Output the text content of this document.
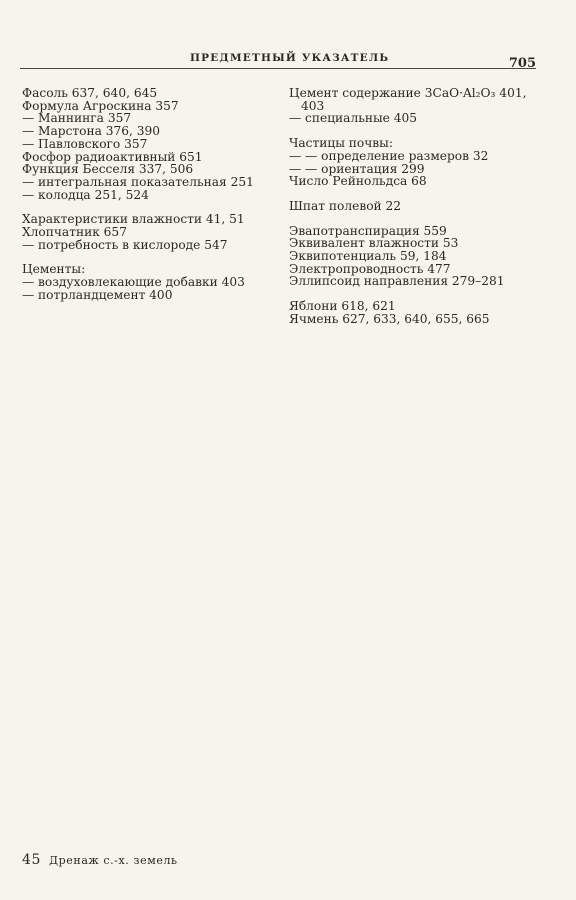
ПРЕДМЕТНЫЙ УКАЗАТЕЛЬ	705
Фасоль 637, 640, 645
Формула Агроскина 357
— Маннинга 357
— Марстона 376, 390
— Павловского 357
Фосфор радиоактивный 651
Функция Бесселя 337, 506
— интегральная показательная 251
— колодца 251, 524
Характеристики влажности 41, 51
Хлопчатник 657
— потребность в кислороде 547
Цементы:
— воздуховлекающие добавки 403
— потрландцемент 400
Цемент содержание 3CaO·Al₂O₃ 401,
403
— специальные 405
Частицы почвы:
— — определение размеров 32
— — ориентация 299
Число Рейнольдса 68
Шпат полевой 22
Эвапотранспирация 559
Эквивалент влажности 53
Эквипотенциаль 59, 184
Электропроводность 477
Эллипсоид направления 279–281
Яблони 618, 621
Ячмень 627, 633, 640, 655, 665
45 Дренаж с.-х. земель
